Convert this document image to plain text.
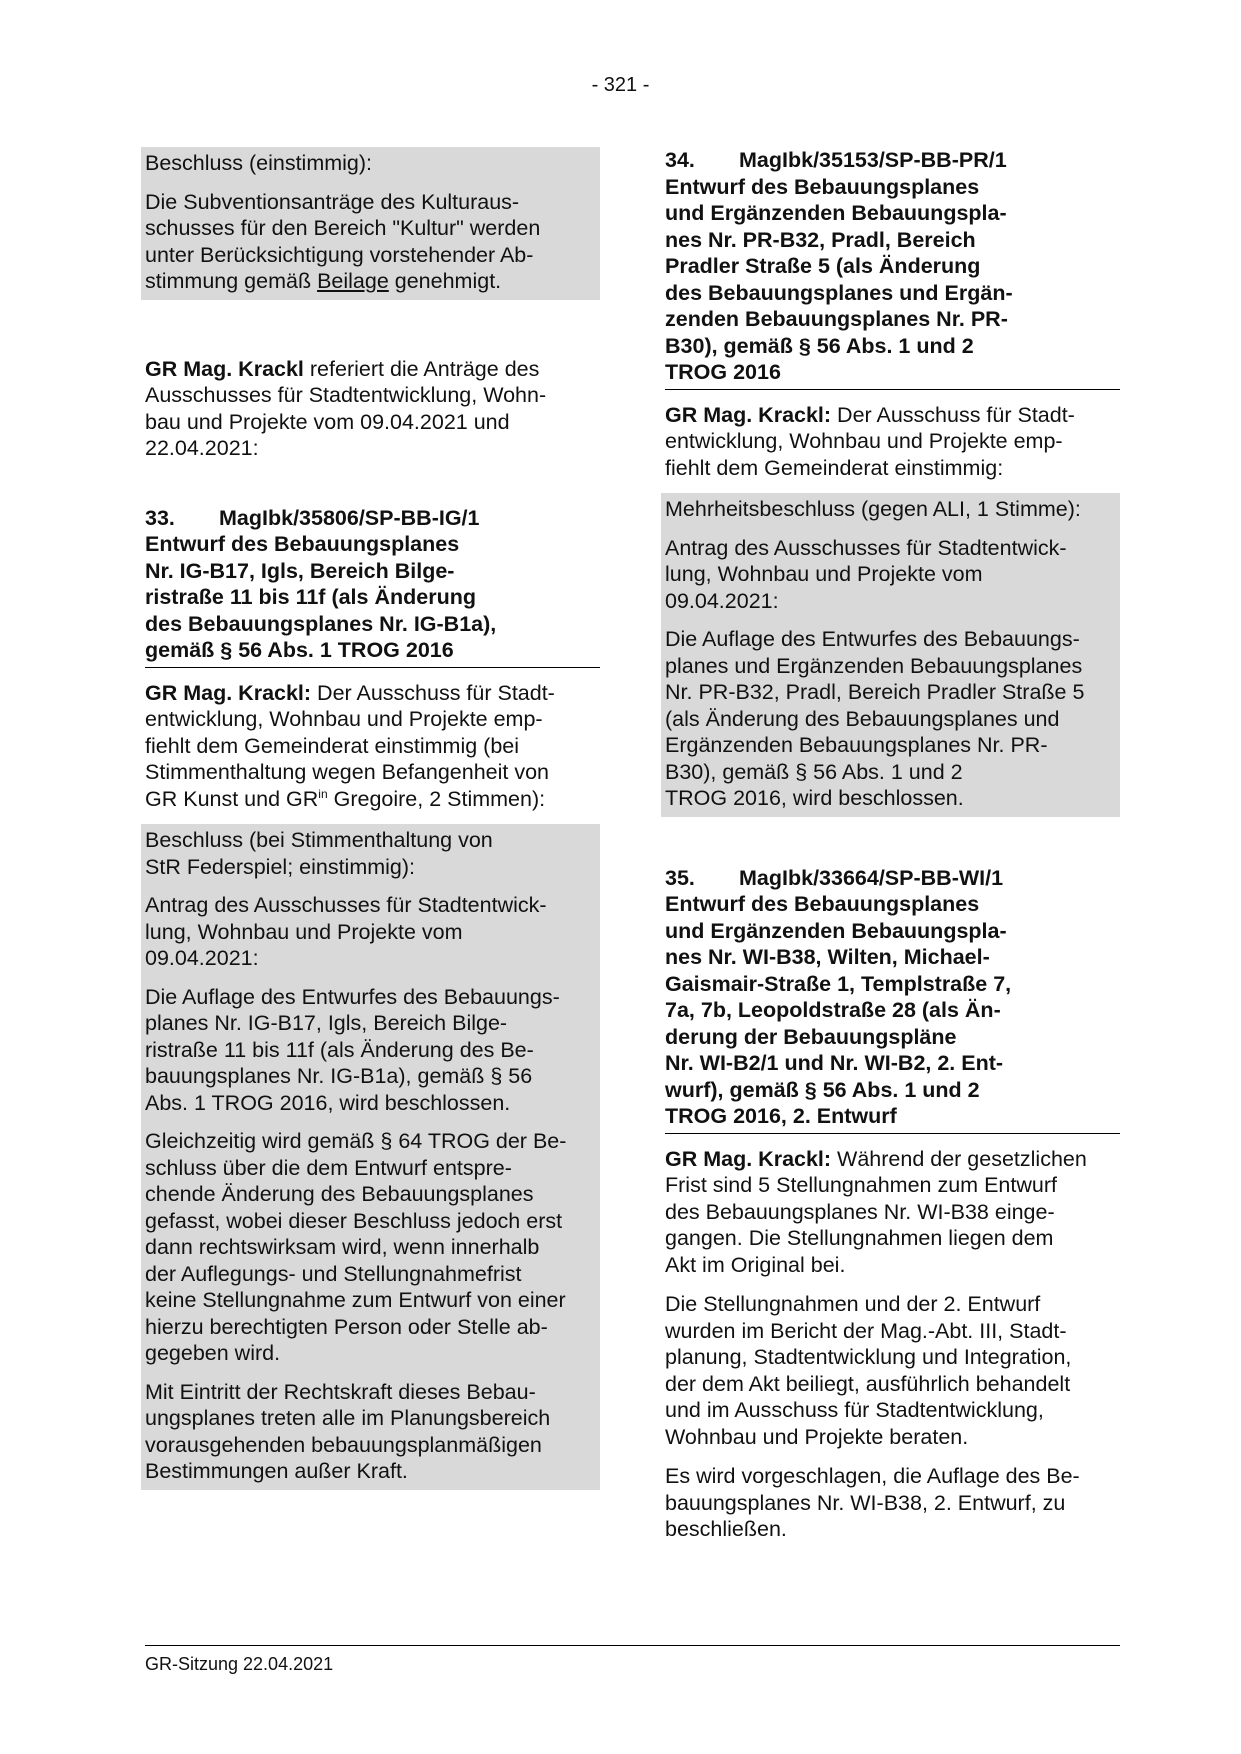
- 321 -

Beschluss (einstimmig):

Die Subventionsanträge des Kulturaus-
schusses für den Bereich "Kultur" werden
unter Berücksichtigung vorstehender Ab-
stimmung gemäß Beilage genehmigt.

GR Mag. Krackl referiert die Anträge des
Ausschusses für Stadtentwicklung, Wohn-
bau und Projekte vom 09.04.2021 und
22.04.2021:

33.	MagIbk/35806/SP-BB-IG/1

Entwurf des Bebauungsplanes
Nr. IG-B17, Igls, Bereich Bilge-
ristraße 11 bis 11f (als Änderung
des Bebauungsplanes Nr. IG-B1a),
gemäß § 56 Abs. 1 TROG 2016

GR Mag. Krackl: Der Ausschuss für Stadt-
entwicklung, Wohnbau und Projekte emp-
fiehlt dem Gemeinderat einstimmig (bei
Stimmenthaltung wegen Befangenheit von
GR Kunst und $GR^{in}$ Gregoire, 2 Stimmen):

Beschluss (bei Stimmenthaltung von
StR Federspiel; einstimmig):

Antrag des Ausschusses für Stadtentwick-
lung, Wohnbau und Projekte vom
09.04.2021:

Die Auflage des Entwurfes des Bebauungs-
planes Nr. IG-B17, Igls, Bereich Bilge-
ristraße 11 bis 11f (als Änderung des Be-
bauungsplanes Nr. IG-B1a), gemäß § 56
Abs. 1 TROG 2016, wird beschlossen.

Gleichzeitig wird gemäß § 64 TROG der Be-
schluss über die dem Entwurf entspre-
chende Änderung des Bebauungsplanes
gefasst, wobei dieser Beschluss jedoch erst
dann rechtswirksam wird, wenn innerhalb
der Auflegungs- und Stellungnahmefrist
keine Stellungnahme zum Entwurf von einer
hierzu berechtigten Person oder Stelle ab-
gegeben wird.

Mit Eintritt der Rechtskraft dieses Bebau-
ungsplanes treten alle im Planungsbereich
vorausgehenden bebauungsplanmäßigen
Bestimmungen außer Kraft.

34.	MagIbk/35153/SP-BB-PR/1

Entwurf des Bebauungsplanes
und Ergänzenden Bebauungspla-
nes Nr. PR-B32, Pradl, Bereich
Pradler Straße 5 (als Änderung
des Bebauungsplanes und Ergän-
zenden Bebauungsplanes Nr. PR-
B30), gemäß § 56 Abs. 1 und 2
TROG 2016

GR Mag. Krackl: Der Ausschuss für Stadt-
entwicklung, Wohnbau und Projekte emp-
fiehlt dem Gemeinderat einstimmig:

Mehrheitsbeschluss (gegen ALI, 1 Stimme):

Antrag des Ausschusses für Stadtentwick-
lung, Wohnbau und Projekte vom
09.04.2021:

Die Auflage des Entwurfes des Bebauungs-
planes und Ergänzenden Bebauungsplanes
Nr. PR-B32, Pradl, Bereich Pradler Straße 5
(als Änderung des Bebauungsplanes und
Ergänzenden Bebauungsplanes Nr. PR-
B30), gemäß § 56 Abs. 1 und 2
TROG 2016, wird beschlossen.

35.	MagIbk/33664/SP-BB-WI/1

Entwurf des Bebauungsplanes
und Ergänzenden Bebauungspla-
nes Nr. WI-B38, Wilten, Michael-
Gaismair-Straße 1, Templstraße 7,
7a, 7b, Leopoldstraße 28 (als Än-
derung der Bebauungspläne
Nr. WI-B2/1 und Nr. WI-B2, 2. Ent-
wurf), gemäß § 56 Abs. 1 und 2
TROG 2016, 2. Entwurf

GR Mag. Krackl: Während der gesetzlichen
Frist sind 5 Stellungnahmen zum Entwurf
des Bebauungsplanes Nr. WI-B38 einge-
gangen. Die Stellungnahmen liegen dem
Akt im Original bei.

Die Stellungnahmen und der 2. Entwurf
wurden im Bericht der Mag.-Abt. III, Stadt-
planung, Stadtentwicklung und Integration,
der dem Akt beiliegt, ausführlich behandelt
und im Ausschuss für Stadtentwicklung,
Wohnbau und Projekte beraten.

Es wird vorgeschlagen, die Auflage des Be-
bauungsplanes Nr. WI-B38, 2. Entwurf, zu
beschließen.

GR-Sitzung 22.04.2021
